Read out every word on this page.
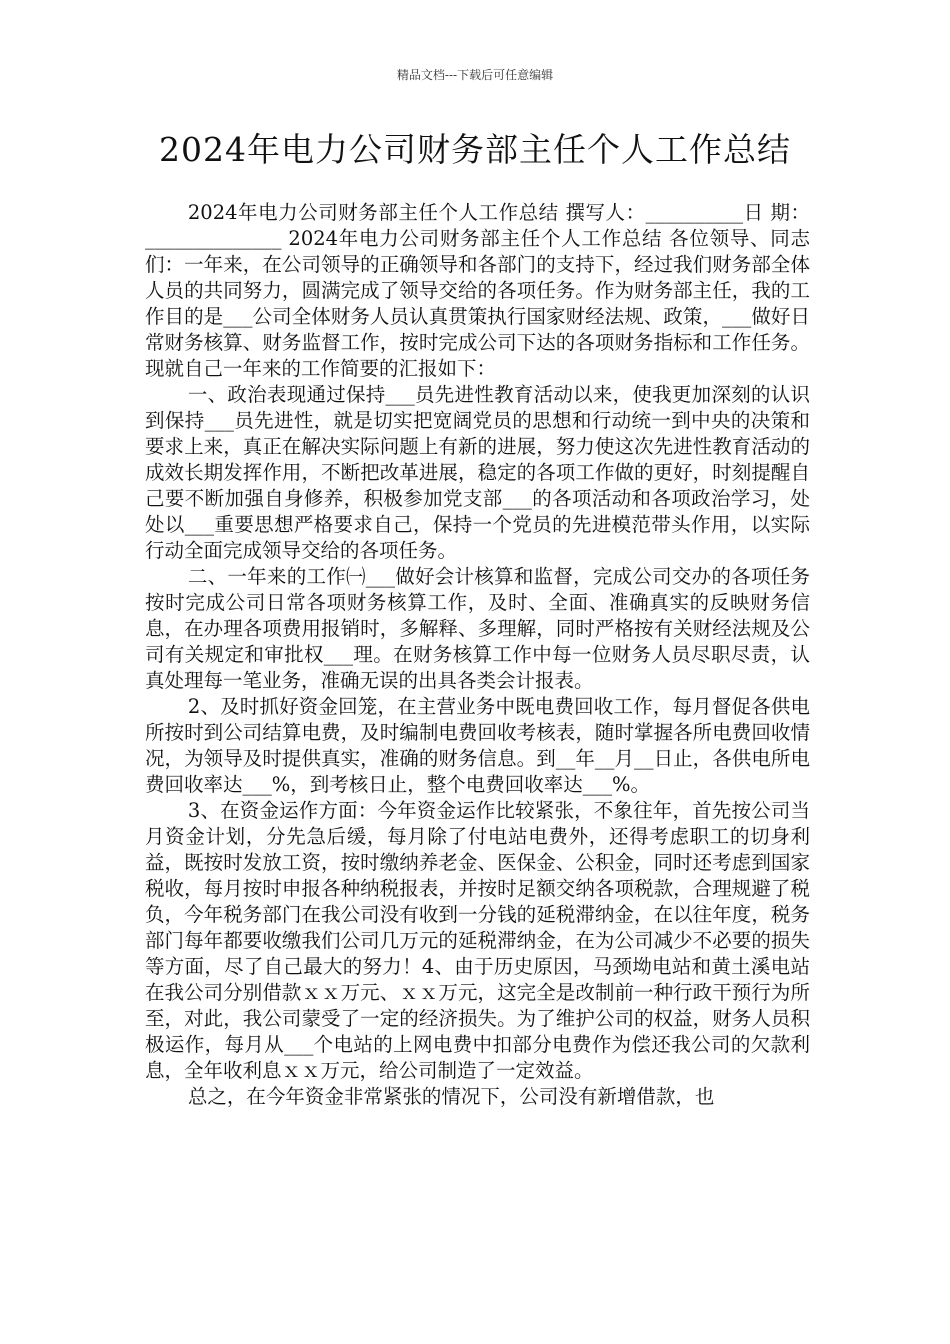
精品文档---下载后可任意编辑
2024年电力公司财务部主任个人工作总结

2024年电力公司财务部主任个人工作总结 撰写人：__________日 期：______________ 2024年电力公司财务部主任个人工作总结 各位领导、同志们：一年来，在公司领导的正确领导和各部门的支持下，经过我们财务部全体人员的共同努力，圆满完成了领导交给的各项任务。作为财务部主任，我的工作目的是___公司全体财务人员认真贯策执行国家财经法规、政策，___做好日常财务核算、财务监督工作，按时完成公司下达的各项财务指标和工作任务。现就自己一年来的工作简要的汇报如下：

一、政治表现通过保持___员先进性教育活动以来，使我更加深刻的认识到保持___员先进性，就是切实把宽阔党员的思想和行动统一到中央的决策和要求上来，真正在解决实际问题上有新的进展，努力使这次先进性教育活动的成效长期发挥作用，不断把改革进展，稳定的各项工作做的更好，时刻提醒自己要不断加强自身修养，积极参加党支部___的各项活动和各项政治学习，处处以___重要思想严格要求自己，保持一个党员的先进模范带头作用，以实际行动全面完成领导交给的各项任务。

二、一年来的工作㈠___做好会计核算和监督，完成公司交办的各项任务按时完成公司日常各项财务核算工作，及时、全面、准确真实的反映财务信息，在办理各项费用报销时，多解释、多理解，同时严格按有关财经法规及公司有关规定和审批权___理。在财务核算工作中每一位财务人员尽职尽责，认真处理每一笔业务，准确无误的出具各类会计报表。

2、及时抓好资金回笼，在主营业务中既电费回收工作，每月督促各供电所按时到公司结算电费，及时编制电费回收考核表，随时掌握各所电费回收情况，为领导及时提供真实，准确的财务信息。到__年__月__日止，各供电所电费回收率达___%，到考核日止，整个电费回收率达___%。

3、在资金运作方面：今年资金运作比较紧张，不象往年，首先按公司当月资金计划，分先急后缓，每月除了付电站电费外，还得考虑职工的切身利益，既按时发放工资，按时缴纳养老金、医保金、公积金，同时还考虑到国家税收，每月按时申报各种纳税报表，并按时足额交纳各项税款，合理规避了税负，今年税务部门在我公司没有收到一分钱的延税滞纳金，在以往年度，税务部门每年都要收缴我们公司几万元的延税滞纳金，在为公司减少不必要的损失等方面，尽了自己最大的努力！4、由于历史原因，马颈坳电站和黄土溪电站在我公司分别借款ｘｘ万元、ｘｘ万元，这完全是改制前一种行政干预行为所至，对此，我公司蒙受了一定的经济损失。为了维护公司的权益，财务人员积极运作，每月从___个电站的上网电费中扣部分电费作为偿还我公司的欠款利息，全年收利息ｘｘ万元，给公司制造了一定效益。

总之，在今年资金非常紧张的情况下，公司没有新增借款，也
